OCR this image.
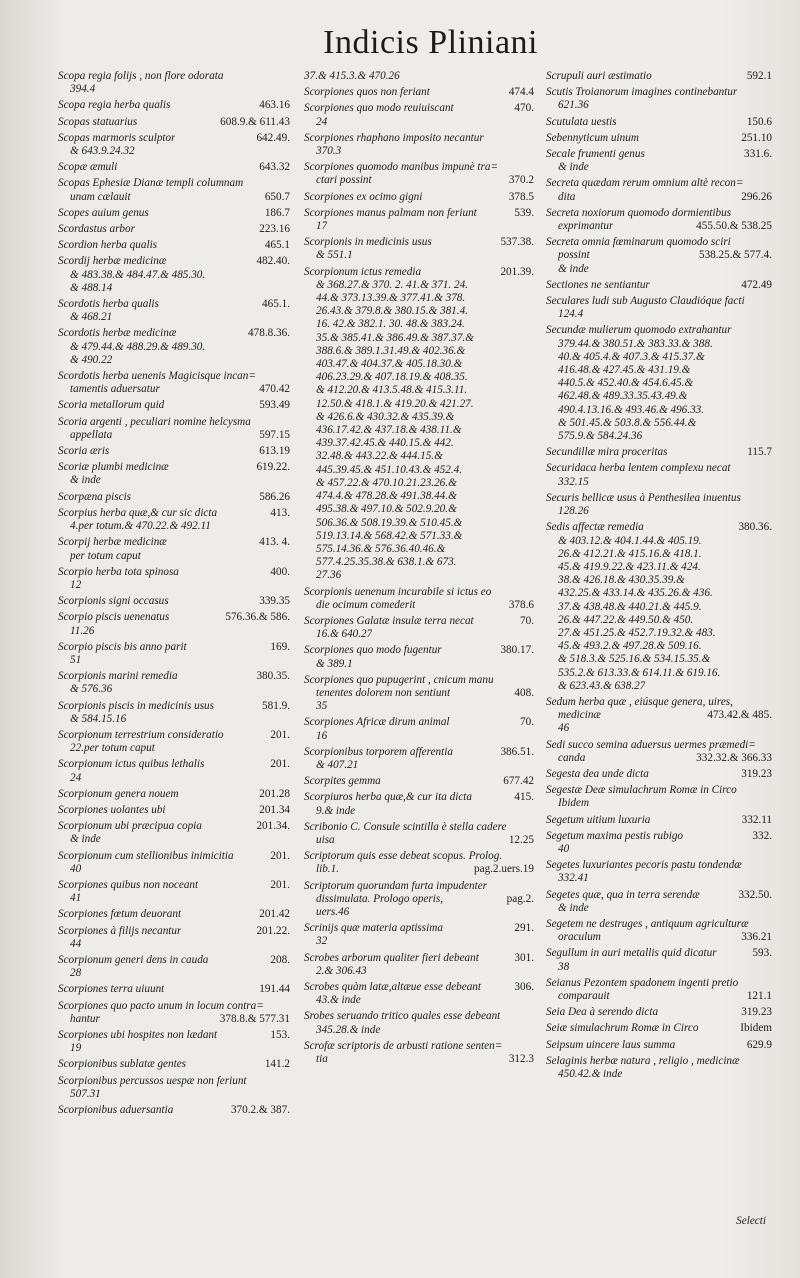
Indicis Pliniani
Scopa regia folijs , non flore odorata
394.4
Scopa regia herba qualis	463.16
Scopas statuarius	608.9.& 611.43
Scopas marmoris sculptor	642.49.
& 643.9.24.32
Scopæ æmuli	643.32
Scopas Ephesiæ Dianæ templi columnam
unam cælauit	650.7
Scopes auium genus	186.7
Scordastus arbor	223.16
Scordion herba qualis	465.1
Scordij herbæ medicinæ	482.40.
& 483.38.& 484.47.& 485.30.
& 488.14
Scordotis herba qualis	465.1.
& 468.21
Scordotis herbæ medicinæ	478.8.36.
& 479.44.& 488.29.& 489.30.
& 490.22
Scordotis herba uenenis Magicisque incan=
tamentis aduersatur	470.42
Scoria metallorum quid	593.49
Scoria argenti , peculiari nomine helcysma
appellata	597.15
Scoria æris	613.19
Scoriæ plumbi medicinæ	619.22.
& inde
Scorpæna piscis	586.26
Scorpius herba quæ,& cur sic dicta	413.
4.per totum.& 470.22.& 492.11
Scorpij herbæ medicinæ	413. 4.
per totum caput
Scorpio herba tota spinosa	400.
12
Scorpionis signi occasus	339.35
Scorpio piscis uenenatus	576.36.& 586.
11.26
Scorpio piscis bis anno parit	169.
51
Scorpionis marini remedia	380.35.
& 576.36
Scorpionis piscis in medicinis usus	581.9.
& 584.15.16
Scorpionum terrestrium consideratio	201.
22.per totum caput
Scorpionum ictus quibus lethalis	201.
24
Scorpionum genera nouem	201.28
Scorpiones uolantes ubi	201.34
Scorpionum ubi præcipua copia	201.34.
& inde
Scorpionum cum stellionibus inimicitia	201.
40
Scorpiones quibus non noceant	201.
41
Scorpiones fœtum deuorant	201.42
Scorpiones à filijs necantur	201.22.
44
Scorpionum generi dens in cauda	208.
28
Scorpiones terra uiuunt	191.44
Scorpiones quo pacto unum in locum contra=
hantur	378.8.& 577.31
Scorpiones ubi hospites non lædant	153.
19
Scorpionibus sublatæ gentes	141.2
Scorpionibus percussos uespæ non feriunt
507.31
Scorpionibus aduersantia	370.2.& 387.
37.& 415.3.& 470.26
Scorpiones quos non feriant	474.4
Scorpiones quo modo reuiuiscant	470.
24
Scorpiones rhaphano imposito necantur
370.3
Scorpiones quomodo manibus impunè tra=
ctari possint	370.2
Scorpiones ex ocimo gigni	378.5
Scorpiones manus palmam non feriunt	539.
17
Scorpionis in medicinis usus	537.38.
& 551.1
Scorpionum ictus remedia	201.39.
& 368.27.& 370. 2. 41.& 371. 24.
44.& 373.13.39.& 377.41.& 378.
26.43.& 379.8.& 380.15.& 381.4.
16. 42.& 382.1. 30. 48.& 383.24.
35.& 385.41.& 386.49.& 387.37.&
388.6.& 389.1.31.49.& 402.36.&
403.47.& 404.37.& 405.18.30.&
406.23.29.& 407.18.19.& 408.35.
& 412.20.& 413.5.48.& 415.3.11.
12.50.& 418.1.& 419.20.& 421.27.
& 426.6.& 430.32.& 435.39.&
436.17.42.& 437.18.& 438.11.&
439.37.42.45.& 440.15.& 442.
32.48.& 443.22.& 444.15.&
445.39.45.& 451.10.43.& 452.4.
& 457.22.& 470.10.21.23.26.&
474.4.& 478.28.& 491.38.44.&
495.38.& 497.10.& 502.9.20.&
506.36.& 508.19.39.& 510.45.&
519.13.14.& 568.42.& 571.33.&
575.14.36.& 576.36.40.46.&
577.4.25.35.38.& 638.1.& 673.
27.36
Scorpionis uenenum incurabile si ictus eo
die ocimum comederit	378.6
Scorpiones Galatæ insulæ terra necat	70.
16.& 640.27
Scorpiones quo modo fugentur	380.17.
& 389.1
Scorpiones quo pupugerint , cnicum manu
tenentes dolorem non sentiunt	408.
35
Scorpiones Africæ dirum animal	70.
16
Scorpionibus torporem afferentia	386.51.
& 407.21
Scorpites gemma	677.42
Scorpiuros herba quæ,& cur ita dicta	415.
9.& inde
Scribonio C. Consule scintilla è stella cadere
uisa	12.25
Scriptorum quis esse debeat scopus. Prolog.
lib.1.	pag.2.uers.19
Scriptorum quorundam furta impudenter
dissimulata. Prologo operis,	pag.2.
uers.46
Scrinijs quæ materia aptissima	291.
32
Scrobes arborum qualiter fieri debeant	301.
2.& 306.43
Scrobes quàm latæ,altæue esse debeant	306.
43.& inde
Srobes seruando tritico quales esse debeant
345.28.& inde
Scrofæ scriptoris de arbusti ratione senten=
tia	312.3
Scrupuli auri æstimatio	592.1
Scutis Troianorum imagines continebantur
621.36
Scutulata uestis	150.6
Sebennyticum uinum	251.10
Secale frumenti genus	331.6.
& inde
Secreta quædam rerum omnium altè recon=
dita	296.26
Secreta noxiorum quomodo dormientibus
exprimantur	455.50.& 538.25
Secreta omnia fœminarum quomodo sciri
possint	538.25.& 577.4.
& inde
Sectiones ne sentiantur	472.49
Seculares ludi sub Augusto Claudióque facti
124.4
Secundæ mulierum quomodo extrahantur
379.44.& 380.51.& 383.33.& 388.
40.& 405.4.& 407.3.& 415.37.&
416.48.& 427.45.& 431.19.&
440.5.& 452.40.& 454.6.45.&
462.48.& 489.33.35.43.49.&
490.4.13.16.& 493.46.& 496.33.
& 501.45.& 503.8.& 556.44.&
575.9.& 584.24.36
Secundillæ mira proceritas	115.7
Securidaca herba lentem complexu necat
332.15
Securis bellicæ usus à Penthesilea inuentus
128.26
Sedis affectæ remedia	380.36.
& 403.12.& 404.1.44.& 405.19.
26.& 412.21.& 415.16.& 418.1.
45.& 419.9.22.& 423.11.& 424.
38.& 426.18.& 430.35.39.&
432.25.& 433.14.& 435.26.& 436.
37.& 438.48.& 440.21.& 445.9.
26.& 447.22.& 449.50.& 450.
27.& 451.25.& 452.7.19.32.& 483.
45.& 493.2.& 497.28.& 509.16.
& 518.3.& 525.16.& 534.15.35.&
535.2.& 613.33.& 614.11.& 619.16.
& 623.43.& 638.27
Sedum herba quæ , eiúsque genera, uires,
medicinæ	473.42.& 485.
46
Sedi succo semina aduersus uermes præmedi=
canda	332.32.& 366.33
Segesta dea unde dicta	319.23
Segestæ Deæ simulachrum Romæ in Circo
Ibidem
Segetum uitium luxuria	332.11
Segetum maxima pestis rubigo	332.
40
Segetes luxuriantes pecoris pastu tondendæ
332.41
Segetes quæ, qua in terra serendæ	332.50.
& inde
Segetem ne destruges , antiquum agriculturæ
oraculum	336.21
Segullum in auri metallis quid dicatur	593.
38
Seianus Pezontem spadonem ingenti pretio
comparauit	121.1
Seia Dea à serendo dicta	319.23
Seiæ simulachrum Romæ in Circo	Ibidem
Seipsum uincere laus summa	629.9
Selaginis herbæ natura , religio , medicinæ
450.42.& inde
Selecti
